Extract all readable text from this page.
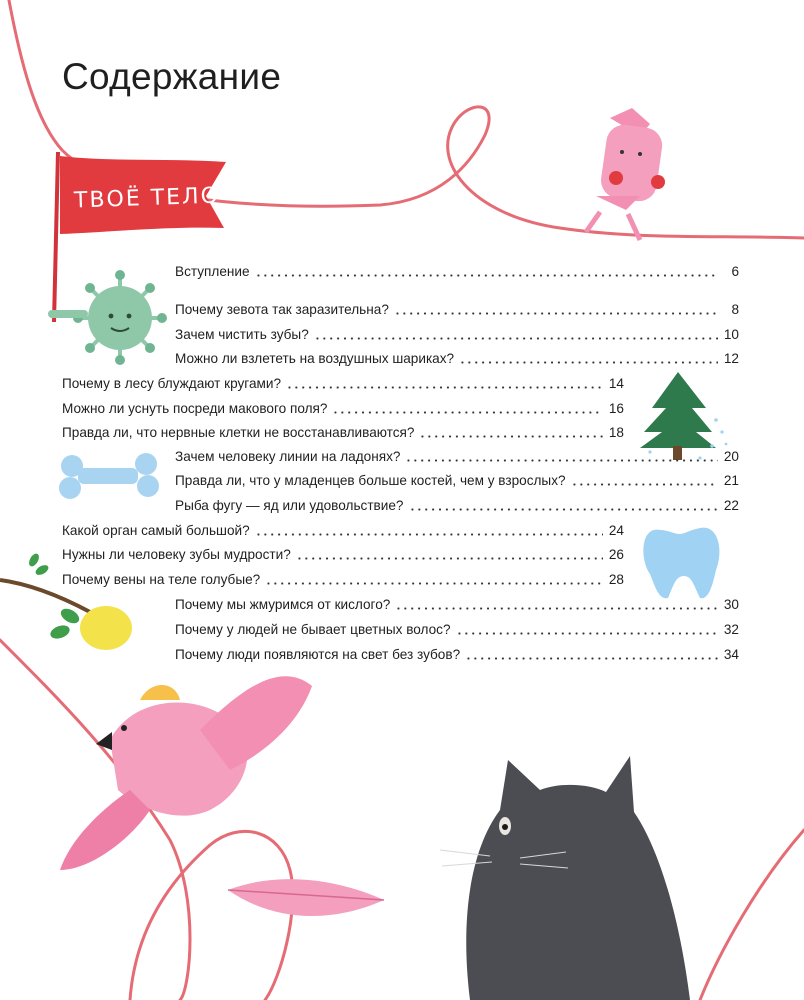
Содержание
ТВОЁ ТЕЛО
Вступление	6
Почему зевота так заразительна?	8
Зачем чистить зубы?	10
Можно ли взлететь на воздушных шариках?	12
Почему в лесу блуждают кругами?	14
Можно ли уснуть посреди макового поля?	16
Правда ли, что нервные клетки не восстанавливаются?	18
Зачем человеку линии на ладонях?	20
Правда ли, что у младенцев больше костей, чем у взрослых?	21
Рыба фугу — яд или удовольствие?	22
Какой орган самый большой?	24
Нужны ли человеку зубы мудрости?	26
Почему вены на теле голубые?	28
Почему мы жмуримся от кислого?	30
Почему у людей не бывает цветных волос?	32
Почему люди появляются на свет без зубов?	34
